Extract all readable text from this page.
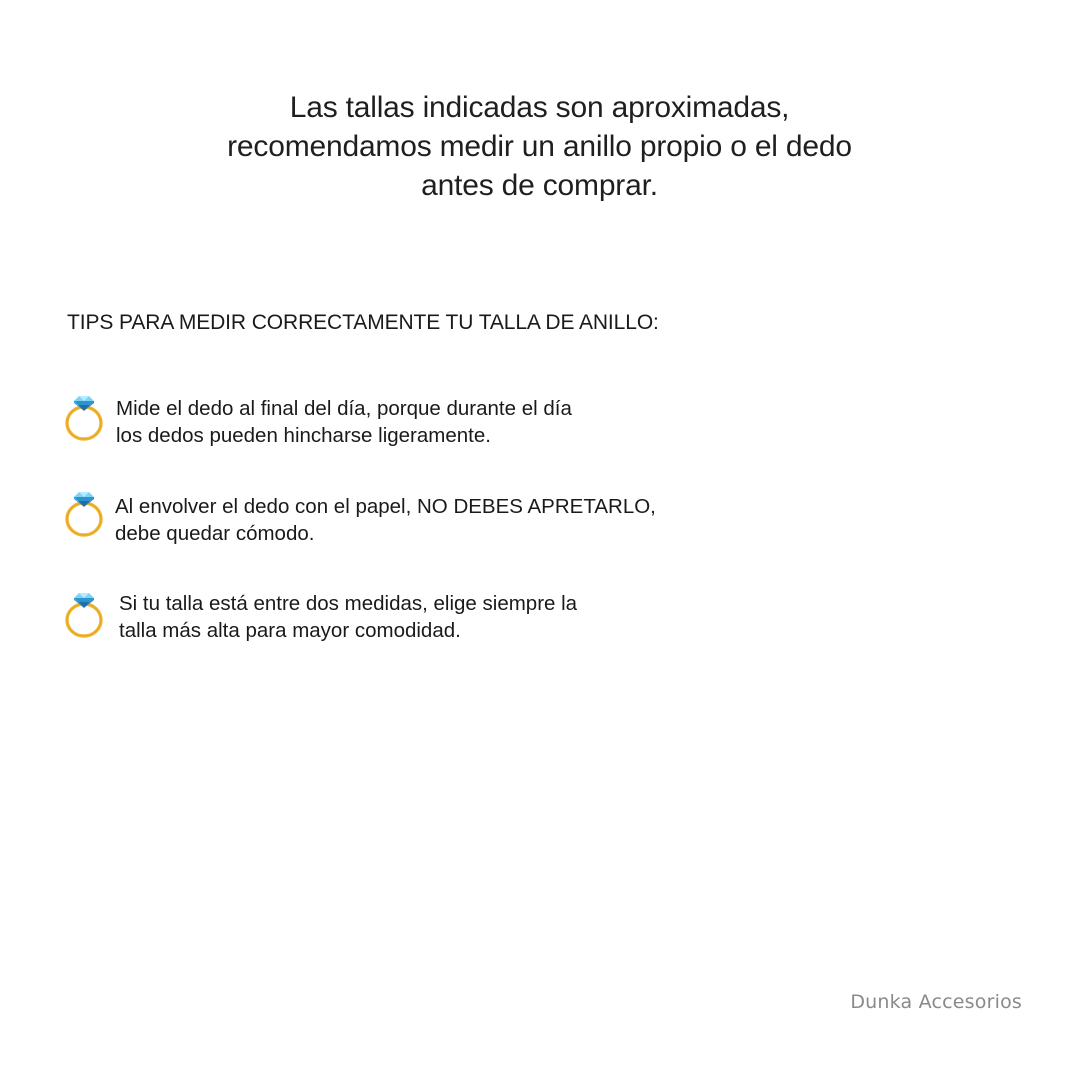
Las tallas indicadas son aproximadas,
recomendamos medir un anillo propio o el dedo
antes de comprar.
TIPS PARA MEDIR CORRECTAMENTE TU TALLA DE ANILLO:
Mide el dedo al final del día, porque durante el día
los dedos pueden hincharse ligeramente.
Al envolver el dedo con el papel, NO DEBES APRETARLO,
debe quedar cómodo.
Si tu talla está entre dos medidas, elige siempre la
talla más alta para mayor comodidad.
Dunka Accesorios
